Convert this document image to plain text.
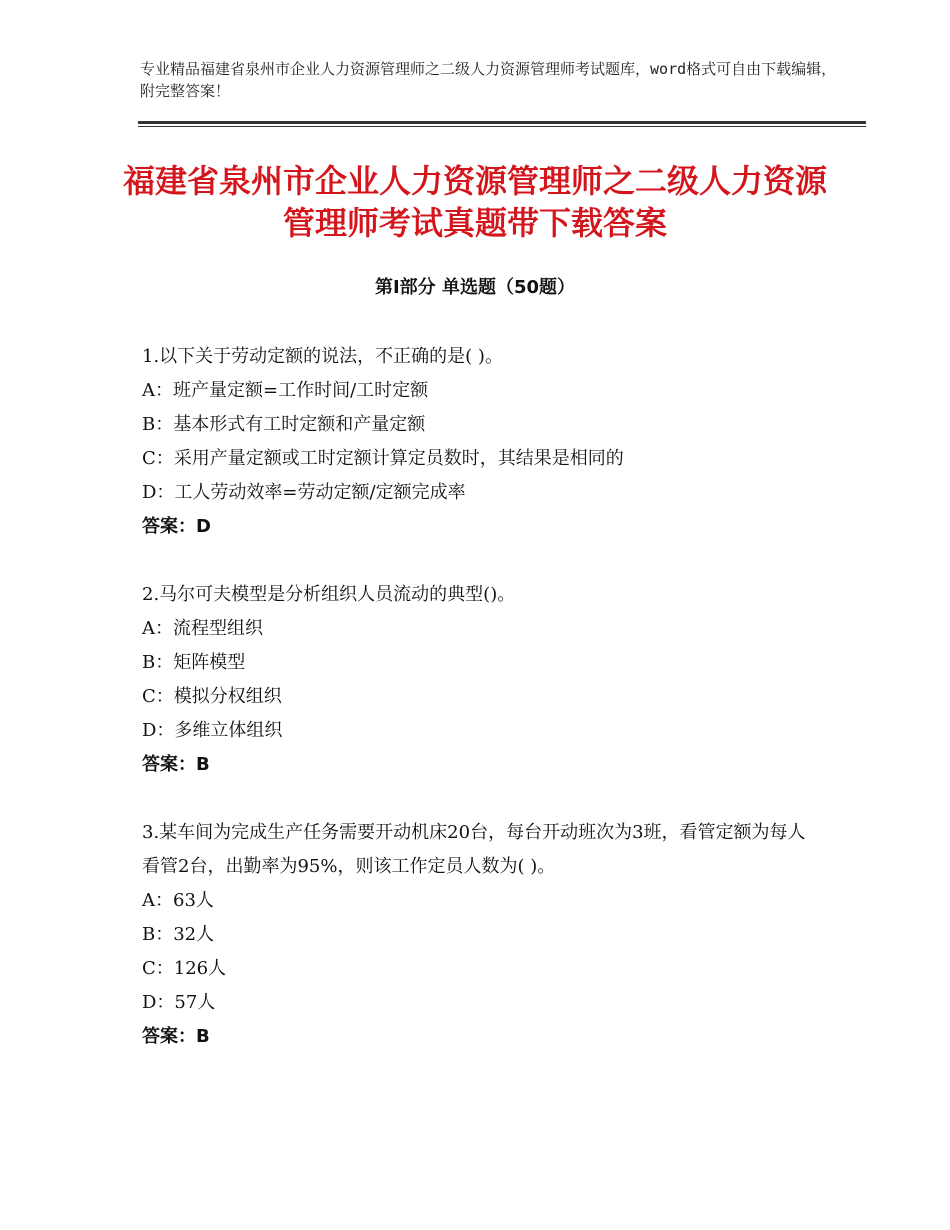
专业精品福建省泉州市企业人力资源管理师之二级人力资源管理师考试题库，word格式可自由下载编辑，附完整答案！
福建省泉州市企业人力资源管理师之二级人力资源管理师考试真题带下载答案
第Ⅰ部分 单选题（50题）

1.以下关于劳动定额的说法，不正确的是( )。

A：班产量定额=工作时间/工时定额

B：基本形式有工时定额和产量定额

C：采用产量定额或工时定额计算定员数时，其结果是相同的

D：工人劳动效率=劳动定额/定额完成率

答案：D

2.马尔可夫模型是分析组织人员流动的典型()。

A：流程型组织

B：矩阵模型

C：模拟分权组织

D：多维立体组织

答案：B

3.某车间为完成生产任务需要开动机床20台，每台开动班次为3班，看管定额为每人看管2台，出勤率为95%，则该工作定员人数为( )。

A：63人

B：32人

C：126人

D：57人

答案：B
